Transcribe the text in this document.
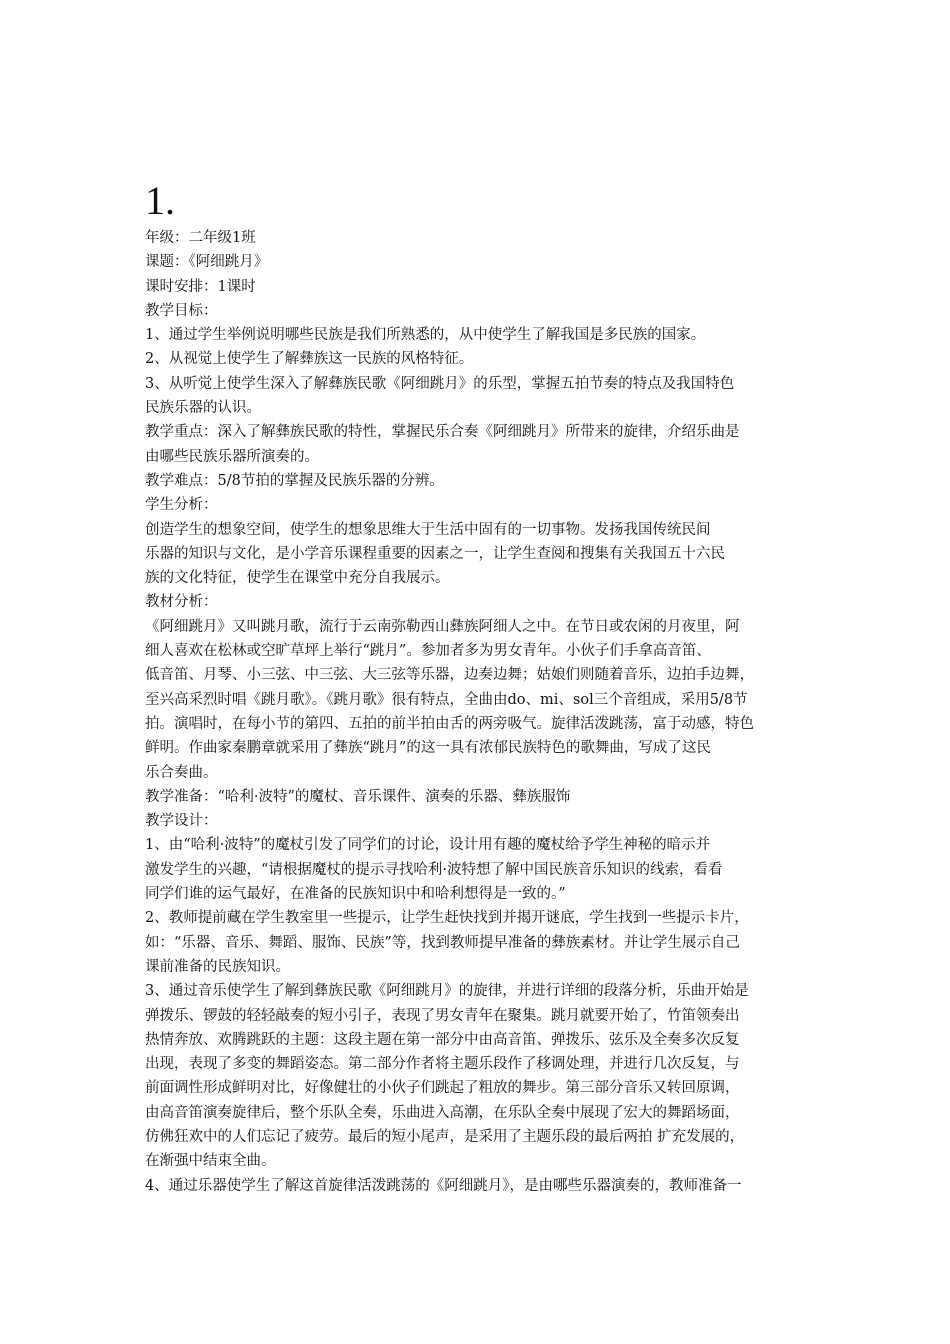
1.
年级：二年级1班
课题：《阿细跳月》
课时安排：1课时
教学目标：
1、通过学生举例说明哪些民族是我们所熟悉的，从中使学生了解我国是多民族的国家。
2、从视觉上使学生了解彝族这一民族的风格特征。
3、从听觉上使学生深入了解彝族民歌《阿细跳月》的乐型，掌握五拍节奏的特点及我国特色
民族乐器的认识。
教学重点：深入了解彝族民歌的特性，掌握民乐合奏《阿细跳月》所带来的旋律，介绍乐曲是
由哪些民族乐器所演奏的。
教学难点：5/8节拍的掌握及民族乐器的分辨。
学生分析：
创造学生的想象空间，使学生的想象思维大于生活中固有的一切事物。发扬我国传统民间
乐器的知识与文化，是小学音乐课程重要的因素之一，让学生查阅和搜集有关我国五十六民
族的文化特征，使学生在课堂中充分自我展示。
教材分析：
《阿细跳月》又叫跳月歌，流行于云南弥勒西山彝族阿细人之中。在节日或农闲的月夜里，阿
细人喜欢在松林或空旷草坪上举行“跳月”。参加者多为男女青年。小伙子们手拿高音笛、
低音笛、月琴、小三弦、中三弦、大三弦等乐器，边奏边舞；姑娘们则随着音乐，边拍手边舞，
至兴高采烈时唱《跳月歌》。《跳月歌》很有特点，全曲由do、mi、sol三个音组成，采用5/8节
拍。演唱时，在每小节的第四、五拍的前半拍由舌的两旁吸气。旋律活泼跳荡，富于动感，特色
鲜明。作曲家秦鹏章就采用了彝族“跳月”的这一具有浓郁民族特色的歌舞曲，写成了这民
乐合奏曲。
教学准备：“哈利·波特”的魔杖、音乐课件、演奏的乐器、彝族服饰
教学设计：
1、由“哈利·波特”的魔杖引发了同学们的讨论，设计用有趣的魔杖给予学生神秘的暗示并
激发学生的兴趣，“请根据魔杖的提示寻找哈利·波特想了解中国民族音乐知识的线索，看看
同学们谁的运气最好，在准备的民族知识中和哈利想得是一致的。”
2、教师提前藏在学生教室里一些提示，让学生赶快找到并揭开谜底，学生找到一些提示卡片，
如：“乐器、音乐、舞蹈、服饰、民族”等，找到教师提早准备的彝族素材。并让学生展示自己
课前准备的民族知识。
3、通过音乐使学生了解到彝族民歌《阿细跳月》的旋律，并进行详细的段落分析，乐曲开始是
弹拨乐、锣鼓的轻轻敲奏的短小引子，表现了男女青年在聚集。跳月就要开始了，竹笛领奏出
热情奔放、欢腾跳跃的主题：这段主题在第一部分中由高音笛、弹拨乐、弦乐及全奏多次反复
出现，表现了多变的舞蹈姿态。第二部分作者将主题乐段作了移调处理，并进行几次反复，与
前面调性形成鲜明对比，好像健壮的小伙子们跳起了粗放的舞步。第三部分音乐又转回原调，
由高音笛演奏旋律后，整个乐队全奏，乐曲进入高潮，在乐队全奏中展现了宏大的舞蹈场面，
仿佛狂欢中的人们忘记了疲劳。最后的短小尾声，是采用了主题乐段的最后两拍 扩充发展的，
在渐强中结束全曲。
4、通过乐器使学生了解这首旋律活泼跳荡的《阿细跳月》，是由哪些乐器演奏的，教师准备一
